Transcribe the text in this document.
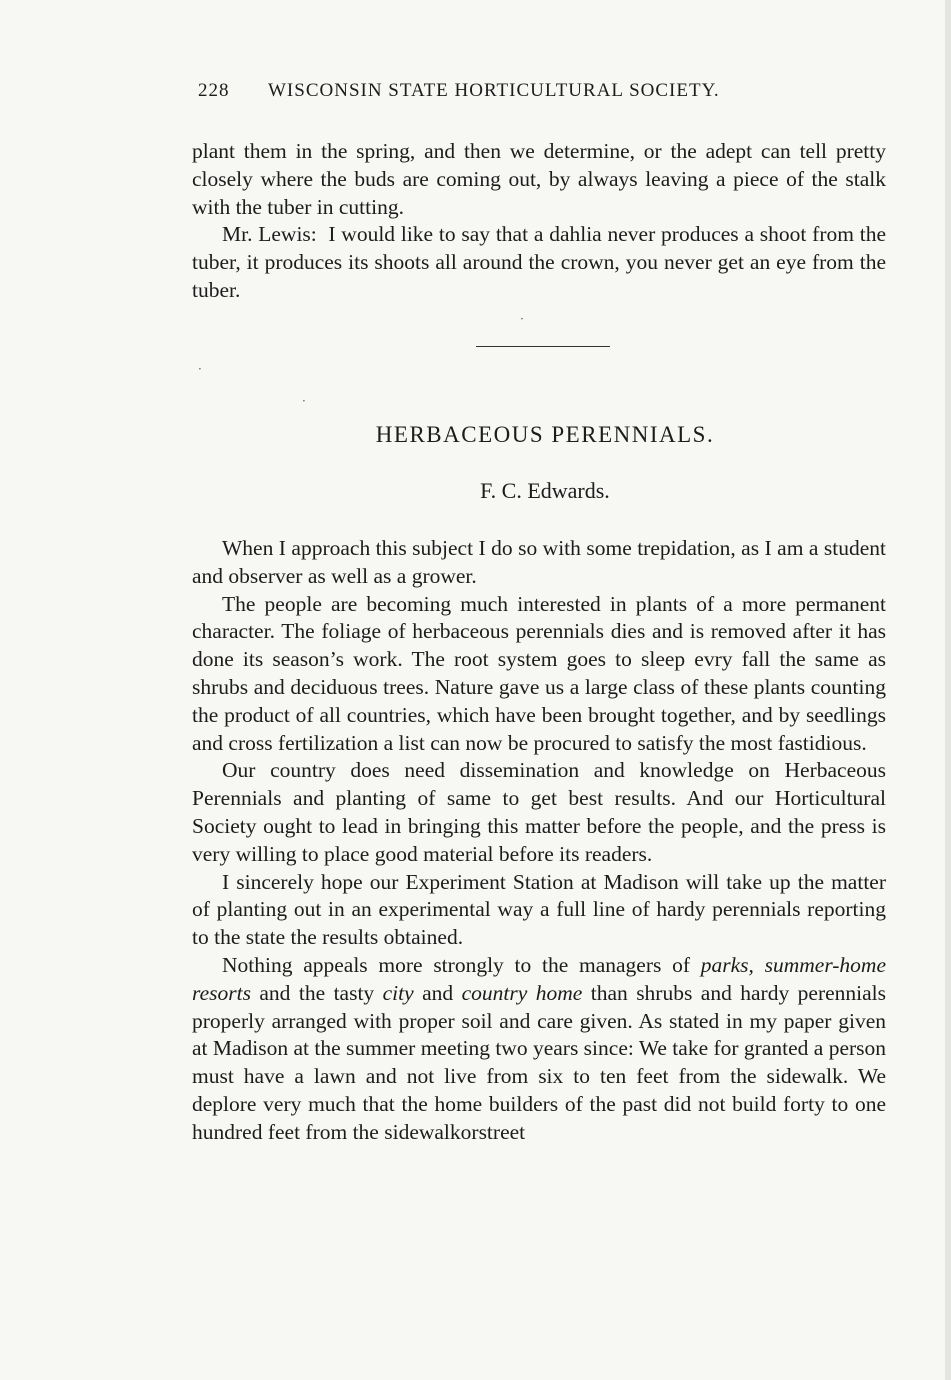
228 WISCONSIN STATE HORTICULTURAL SOCIETY.

plant them in the spring, and then we determine, or the adept can tell pretty closely where the buds are coming out, by always leaving a piece of the stalk with the tuber in cutting.

Mr. Lewis: I would like to say that a dahlia never produces a shoot from the tuber, it produces its shoots all around the crown, you never get an eye from the tuber.

·
·
·
HERBACEOUS PERENNIALS.
F. C. Edwards.

When I approach this subject I do so with some trepidation, as I am a student and observer as well as a grower.

The people are becoming much interested in plants of a more permanent character. The foliage of herbaceous perennials dies and is removed after it has done its season’s work. The root system goes to sleep evry fall the same as shrubs and deciduous trees. Nature gave us a large class of these plants counting the product of all countries, which have been brought together, and by seedlings and cross fertilization a list can now be procured to satisfy the most fastidious.

Our country does need dissemination and knowledge on Herbaceous Perennials and planting of same to get best results. And our Horticultural Society ought to lead in bringing this matter before the people, and the press is very willing to place good material before its readers.

I sincerely hope our Experiment Station at Madison will take up the matter of planting out in an experimental way a full line of hardy perennials reporting to the state the results obtained.

Nothing appeals more strongly to the managers of parks, summer-home resorts and the tasty city and country home than shrubs and hardy perennials properly arranged with proper soil and care given. As stated in my paper given at Madison at the summer meeting two years since: We take for granted a person must have a lawn and not live from six to ten feet from the sidewalk. We deplore very much that the home builders of the past did not build forty to one hundred feet from the sidewalkorstreet
